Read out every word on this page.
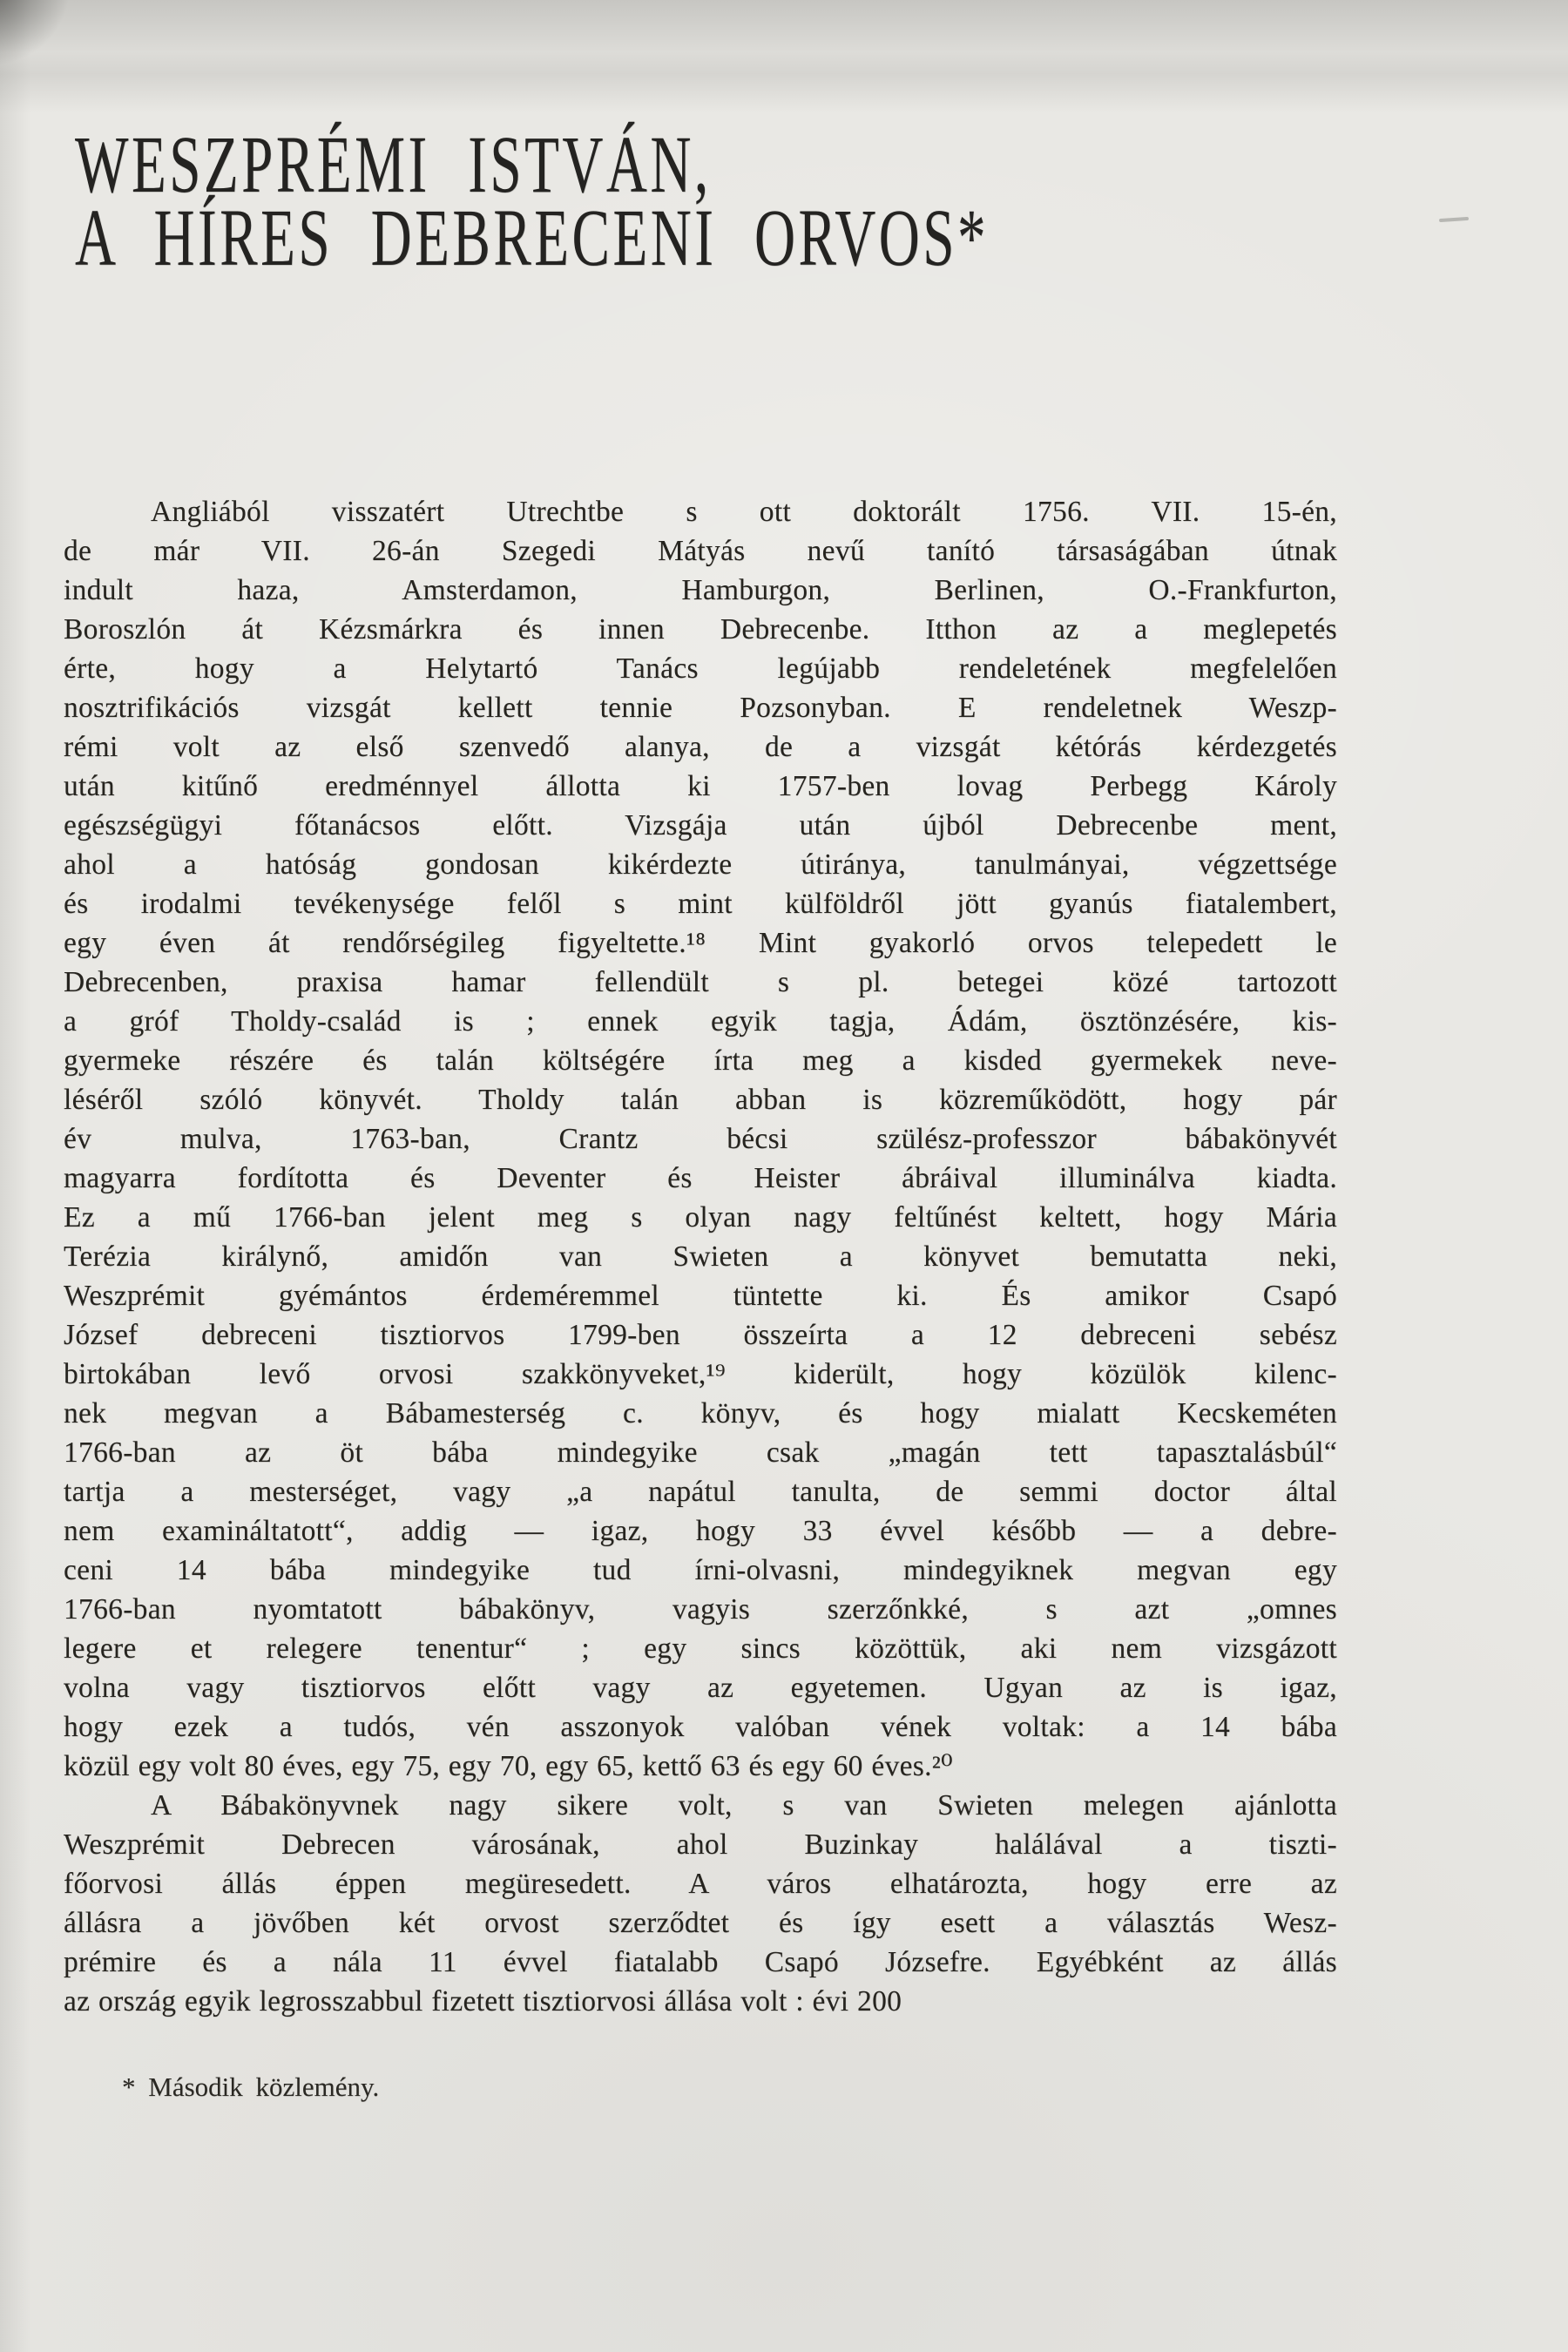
WESZPRÉMI ISTVÁN,
A HÍRES DEBRECENI ORVOS*
Angliából visszatért Utrechtbe s ott doktorált 1756. VII. 15-én,
de már VII. 26-án Szegedi Mátyás nevű tanító társaságában útnak
indult haza, Amsterdamon, Hamburgon, Berlinen, O.-Frankfurton,
Boroszlón át Kézsmárkra és innen Debrecenbe. Itthon az a meglepetés
érte, hogy a Helytartó Tanács legújabb rendeletének megfelelően
nosztrifikációs vizsgát kellett tennie Pozsonyban. E rendeletnek Weszp-
rémi volt az első szenvedő alanya, de a vizsgát kétórás kérdezgetés
után kitűnő eredménnyel állotta ki 1757-ben lovag Perbegg Károly
egészségügyi főtanácsos előtt. Vizsgája után újból Debrecenbe ment,
ahol a hatóság gondosan kikérdezte útiránya, tanulmányai, végzettsége
és irodalmi tevékenysége felől s mint külföldről jött gyanús fiatalembert,
egy éven át rendőrségileg figyeltette.¹⁸ Mint gyakorló orvos telepedett le
Debrecenben, praxisa hamar fellendült s pl. betegei közé tartozott
a gróf Tholdy-család is ; ennek egyik tagja, Ádám, ösztönzésére, kis-
gyermeke részére és talán költségére írta meg a kisded gyermekek neve-
léséről szóló könyvét. Tholdy talán abban is közreműködött, hogy pár
év mulva, 1763-ban, Crantz bécsi szülész-professzor bábakönyvét
magyarra fordította és Deventer és Heister ábráival illuminálva kiadta.
Ez a mű 1766-ban jelent meg s olyan nagy feltűnést keltett, hogy Mária
Terézia királynő, amidőn van Swieten a könyvet bemutatta neki,
Weszprémit gyémántos érdeméremmel tüntette ki. És amikor Csapó
József debreceni tisztiorvos 1799-ben összeírta a 12 debreceni sebész
birtokában levő orvosi szakkönyveket,¹⁹ kiderült, hogy közülök kilenc-
nek megvan a Bábamesterség c. könyv, és hogy mialatt Kecskeméten
1766-ban az öt bába mindegyike csak „magán tett tapasztalásbúl“
tartja a mesterséget, vagy „a napátul tanulta, de semmi doctor által
nem examináltatott“, addig — igaz, hogy 33 évvel később — a debre-
ceni 14 bába mindegyike tud írni-olvasni, mindegyiknek megvan egy
1766-ban nyomtatott bábakönyv, vagyis szerzőnkké, s azt „omnes
legere et relegere tenentur“ ; egy sincs közöttük, aki nem vizsgázott
volna vagy tisztiorvos előtt vagy az egyetemen. Ugyan az is igaz,
hogy ezek a tudós, vén asszonyok valóban vének voltak: a 14 bába
közül egy volt 80 éves, egy 75, egy 70, egy 65, kettő 63 és egy 60 éves.²⁰
A Bábakönyvnek nagy sikere volt, s van Swieten melegen ajánlotta
Weszprémit Debrecen városának, ahol Buzinkay halálával a tiszti-
főorvosi állás éppen megüresedett. A város elhatározta, hogy erre az
állásra a jövőben két orvost szerződtet és így esett a választás Wesz-
prémire és a nála 11 évvel fiatalabb Csapó Józsefre. Egyébként az állás
az ország egyik legrosszabbul fizetett tisztiorvosi állása volt : évi 200
* Második közlemény.
